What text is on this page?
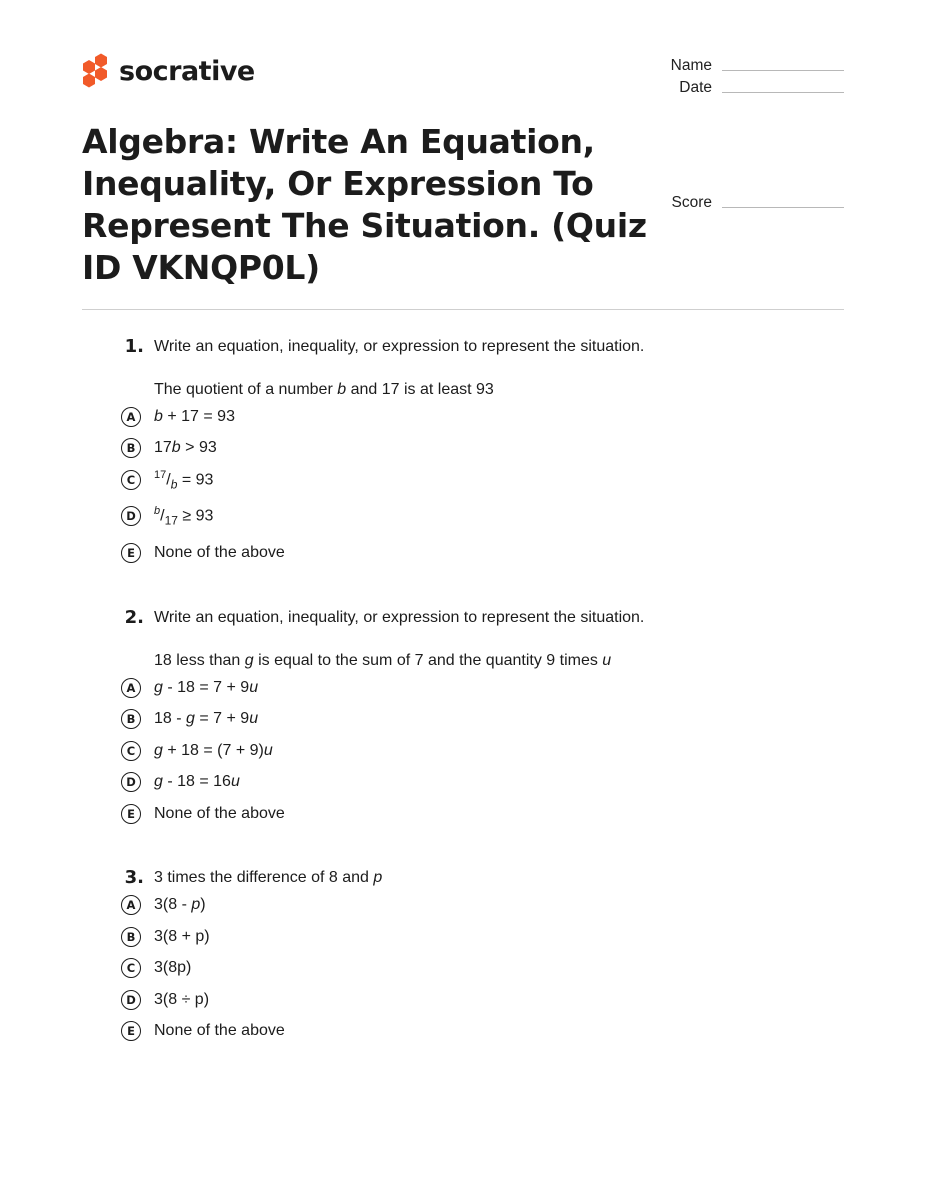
socrative	Name
Date
Score
Algebra: Write An Equation, Inequality, Or Expression To Represent The Situation. (Quiz ID VKNQP0L)
1. Write an equation, inequality, or expression to represent the situation.
The quotient of a number b and 17 is at least 93
A	b + 17 = 93
B	17b > 93
C	$^{17}/_b = 93$
D	$^b/_{17} \ge 93$
E	None of the above
2. Write an equation, inequality, or expression to represent the situation.
18 less than g is equal to the sum of 7 and the quantity 9 times u
A	g - 18 = 7 + 9u
B	18 - g = 7 + 9u
C	g + 18 = (7 + 9)u
D	g - 18 = 16u
E	None of the above
3. 3 times the difference of 8 and p
A	3(8 - p)
B	3(8 + p)
C	3(8p)
D	3(8 ÷ p)
E	None of the above
